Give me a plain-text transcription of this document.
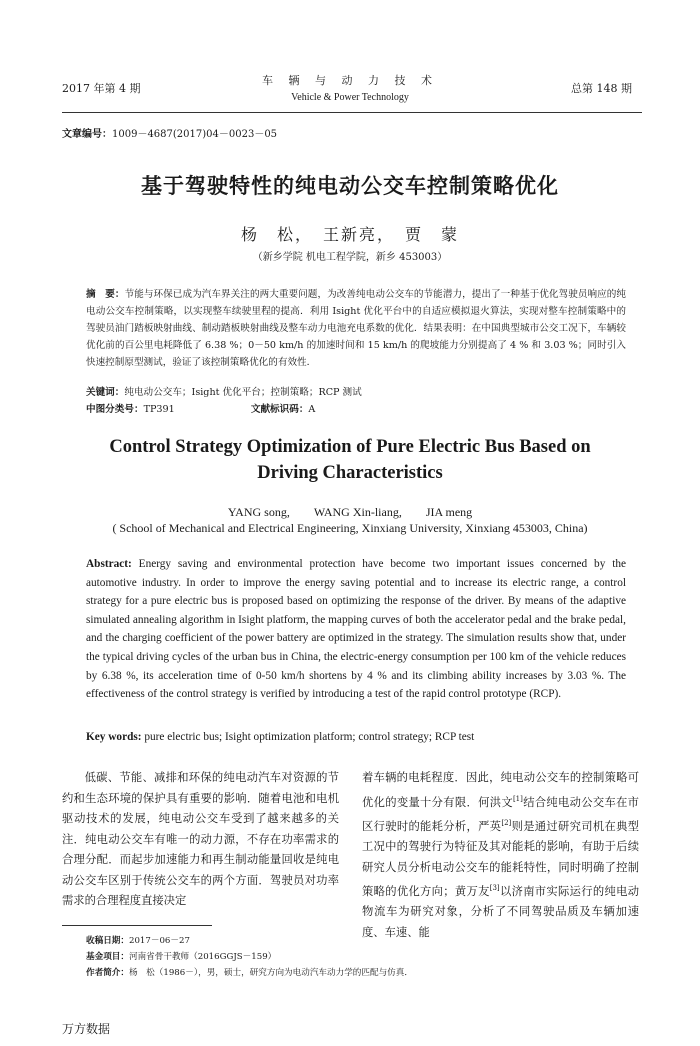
2017 年第 4 期
车 辆 与 动 力 技 术
Vehicle & Power Technology
总第 148 期
文章编号：1009－4687(2017)04－0023－05
基于驾驶特性的纯电动公交车控制策略优化
杨　松，　王新亮，　贾　蒙
（新乡学院 机电工程学院，新乡 453003）
摘　要：节能与环保已成为汽车界关注的两大重要问题，为改善纯电动公交车的节能潜力，提出了一种基于优化驾驶员响应的纯电动公交车控制策略，以实现整车续驶里程的提高．利用 Isight 优化平台中的自适应模拟退火算法，实现对整车控制策略中的驾驶员油门踏板映射曲线、制动踏板映射曲线及整车动力电池充电系数的优化．结果表明：在中国典型城市公交工况下，车辆较优化前的百公里电耗降低了 6.38 %；0－50 km/h 的加速时间和 15 km/h 的爬坡能力分别提高了 4 % 和 3.03 %；同时引入快速控制原型测试，验证了该控制策略优化的有效性．
关键词：纯电动公交车；Isight 优化平台；控制策略；RCP 测试
中图分类号：TP391	文献标识码：A
Control Strategy Optimization of Pure Electric Bus Based on Driving Characteristics
YANG song,　　WANG Xin-liang,　　JIA meng
( School of Mechanical and Electrical Engineering, Xinxiang University, Xinxiang 453003, China)
Abstract: Energy saving and environmental protection have become two important issues concerned by the automotive industry. In order to improve the energy saving potential and to increase its electric range, a control strategy for a pure electric bus is proposed based on optimizing the response of the driver. By means of the adaptive simulated annealing algorithm in Isight platform, the mapping curves of both the accelerator pedal and the brake pedal, and the charging coefficient of the power battery are optimized in the strategy. The simulation results show that, under the typical driving cycles of the urban bus in China, the electric-energy consumption per 100 km of the vehicle reduces by 6.38 %, its acceleration time of 0-50 km/h shortens by 4 % and its climbing ability increases by 3.03 %. The effectiveness of the control strategy is verified by introducing a test of the rapid control prototype (RCP).
Key words: pure electric bus; Isight optimization platform; control strategy; RCP test

低碳、节能、减排和环保的纯电动汽车对资源的节约和生态环境的保护具有重要的影响．随着电池和电机驱动技术的发展，纯电动公交车受到了越来越多的关注．纯电动公交车有唯一的动力源，不存在功率需求的合理分配．而起步加速能力和再生制动能量回收是纯电动公交车区别于传统公交车的两个方面．驾驶员对功率需求的合理程度直接决定

着车辆的电耗程度．因此，纯电动公交车的控制策略可优化的变量十分有限．何洪文[1]结合纯电动公交车在市区行驶时的能耗分析，严英[2]则是通过研究司机在典型工况中的驾驶行为特征及其对能耗的影响，有助于后续研究人员分析电动公交车的能耗特性，同时明确了控制策略的优化方向；黄万友[3]以济南市实际运行的纯电动物流车为研究对象，分析了不同驾驶品质及车辆加速度、车速、能

收稿日期：2017－06－27
基金项目：河南省骨干教师（2016GGJS－159）
作者简介：杨　松（1986－），男，硕士，研究方向为电动汽车动力学的匹配与仿真．
万方数据
